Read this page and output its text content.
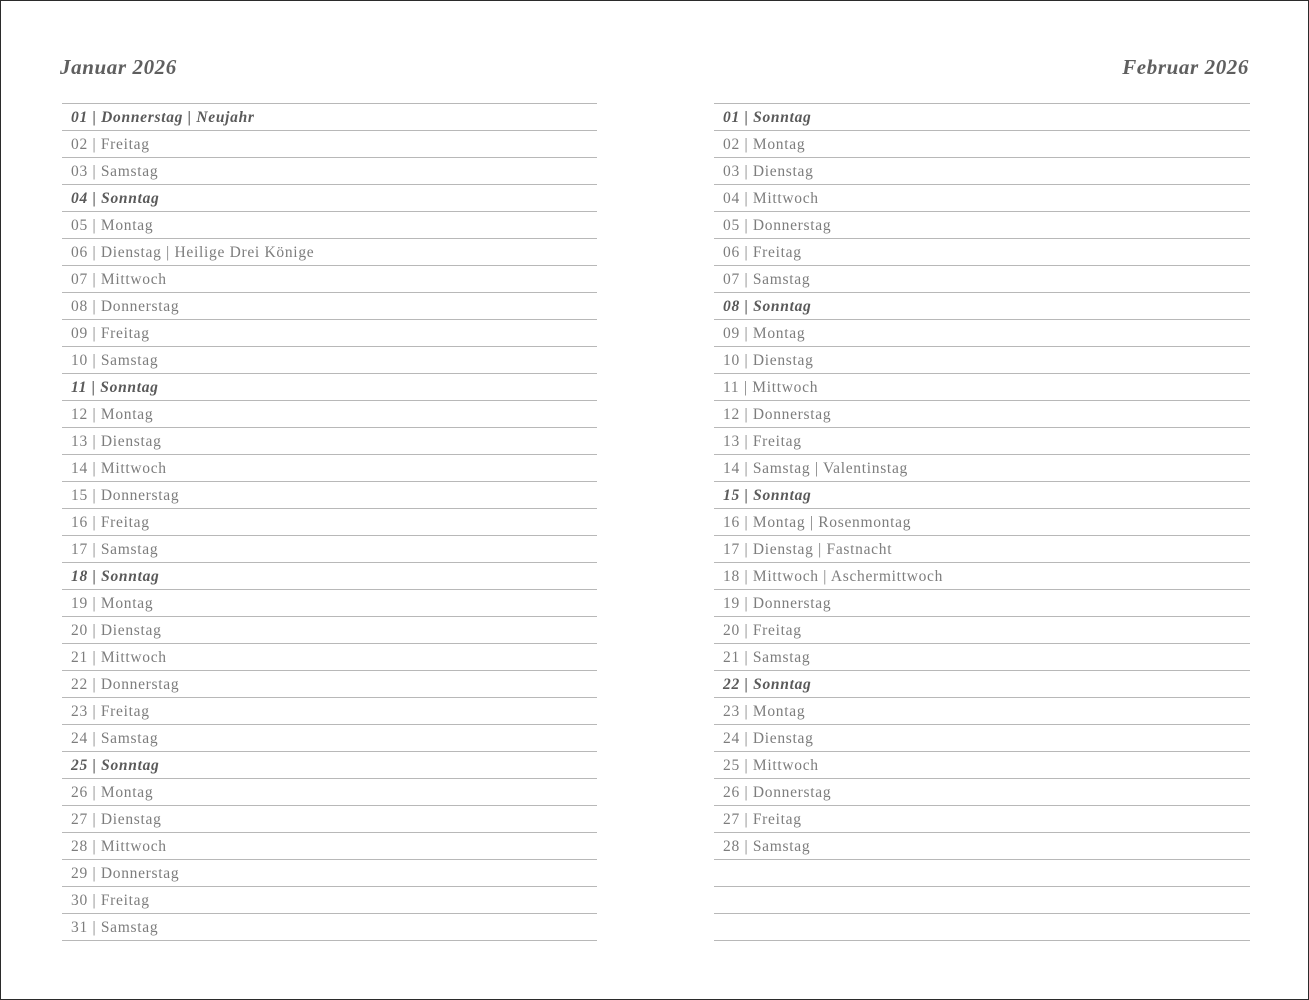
Januar 2026	Februar 2026
01 | Donnerstag | Neujahr
02 | Freitag
03 | Samstag
04 | Sonntag
05 | Montag
06 | Dienstag | Heilige Drei Könige
07 | Mittwoch
08 | Donnerstag
09 | Freitag
10 | Samstag
11 | Sonntag
12 | Montag
13 | Dienstag
14 | Mittwoch
15 | Donnerstag
16 | Freitag
17 | Samstag
18 | Sonntag
19 | Montag
20 | Dienstag
21 | Mittwoch
22 | Donnerstag
23 | Freitag
24 | Samstag
25 | Sonntag
26 | Montag
27 | Dienstag
28 | Mittwoch
29 | Donnerstag
30 | Freitag
31 | Samstag
01 | Sonntag
02 | Montag
03 | Dienstag
04 | Mittwoch
05 | Donnerstag
06 | Freitag
07 | Samstag
08 | Sonntag
09 | Montag
10 | Dienstag
11 | Mittwoch
12 | Donnerstag
13 | Freitag
14 | Samstag | Valentinstag
15 | Sonntag
16 | Montag | Rosenmontag
17 | Dienstag | Fastnacht
18 | Mittwoch | Aschermittwoch
19 | Donnerstag
20 | Freitag
21 | Samstag
22 | Sonntag
23 | Montag
24 | Dienstag
25 | Mittwoch
26 | Donnerstag
27 | Freitag
28 | Samstag
